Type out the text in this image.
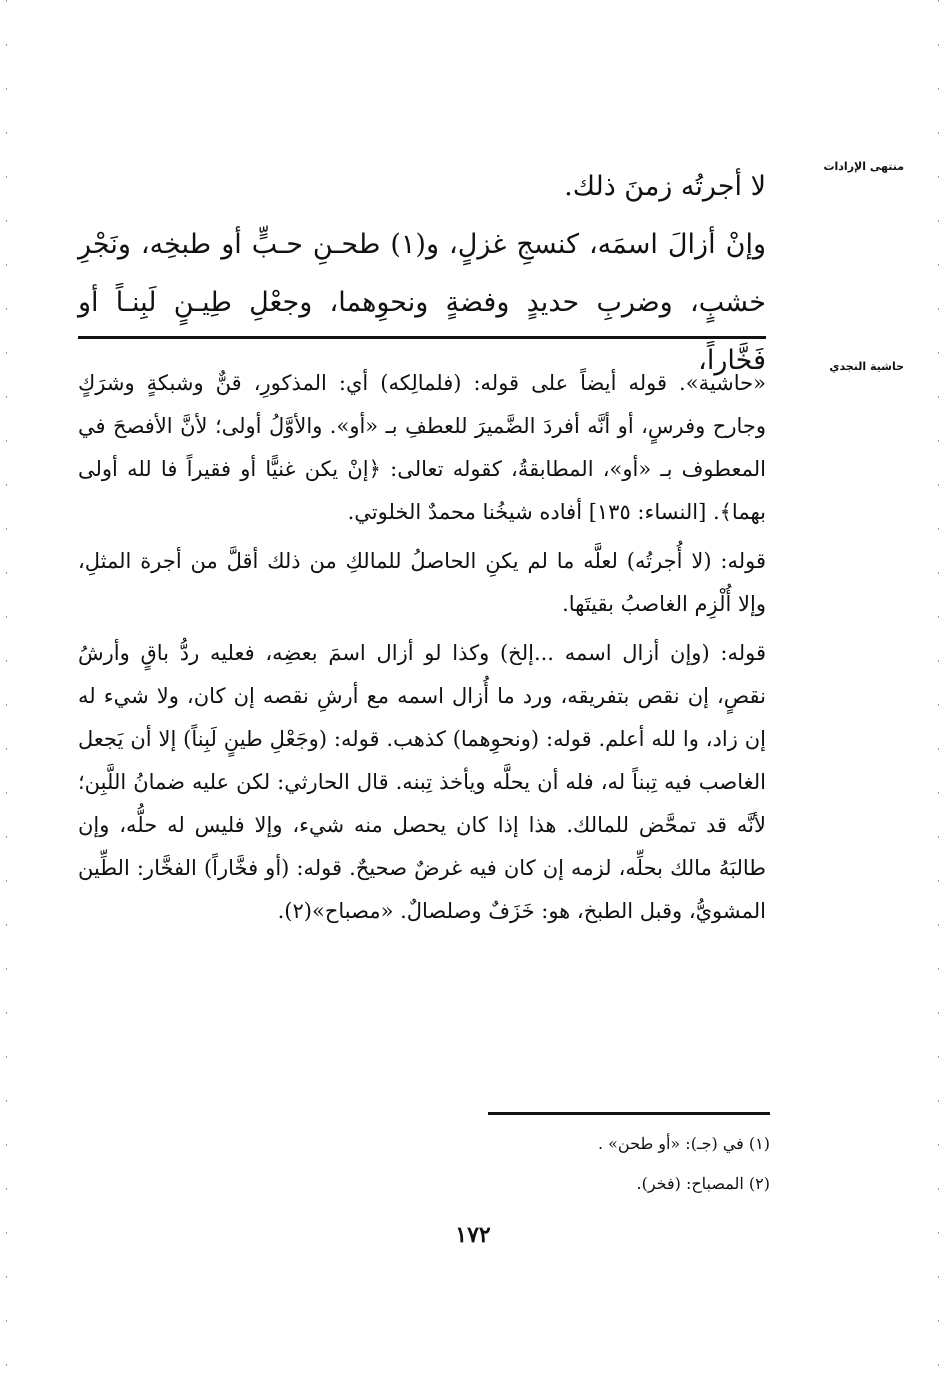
منتهى الإرادات
حاشية النجدي

لا أجرتُه زمنَ ذلك.

وإنْ أزالَ اسمَه، كنسجِ غزلٍ، و(١) طحـنِ حـبٍّ أو طبخِه، ونَجْرِ خشبٍ، وضربِ حديدٍ وفضةٍ ونحوِهما، وجعْلِ طِيـنٍ لَبِنـاً أو فَخَّاراً،

«حاشية». قوله أيضاً على قوله: (فلمالِكه) أي: المذكورِ، قنٌّ وشبكةٍ وشرَكٍ وجارح وفرسٍ، أو أنَّه أفردَ الضَّميرَ للعطفِ بـ «أو». والأوَّلُ أولى؛ لأنَّ الأفصحَ في المعطوف بـ «أو»، المطابقةُ، كقوله تعالى: ﴿إنْ يكن غنيًّا أو فقيراً فا لله أولى بهما﴾. [النساء: ١٣٥] أفاده شيخُنا محمدٌ الخلوتي.

قوله: (لا أُجرتُه) لعلَّه ما لم يكنِ الحاصلُ للمالكِ من ذلك أقلَّ من أجرة المثلِ، وإلا أُلْزِم الغاصبُ بقيتَها.

قوله: (وإن أزال اسمه ...إلخ) وكذا لو أزال اسمَ بعضِه، فعليه ردُّ باقٍ وأرشُ نقصٍ، إن نقص بتفريقه، ورد ما أُزال اسمه مع أرشِ نقصه إن كان، ولا شيء له إن زاد، وا لله أعلم. قوله: (ونحوِهما) كذهب. قوله: (وجَعْلِ طينٍ لَبِناً) إلا أن يَجعل الغاصب فيه تِبناً له، فله أن يحلَّه ويأخذ تِبنه. قال الحارثي: لكن عليه ضمانُ اللَّبِن؛ لأنَّه قد تمحَّض للمالك. هذا إذا كان يحصل منه شيء، وإلا فليس له حلُّه، وإن طالبَهُ مالك بحلِّه، لزمه إن كان فيه غرضٌ صحيحٌ. قوله: (أو فخَّاراً) الفخَّار: الطِّين المشويُّ، وقبل الطبخ، هو: خَزَفٌ وصلصالٌ. «مصباح»(٢).

(١) في (جـ): «أو طحن» .
(٢) المصباح: (فخر).
١٧٢
